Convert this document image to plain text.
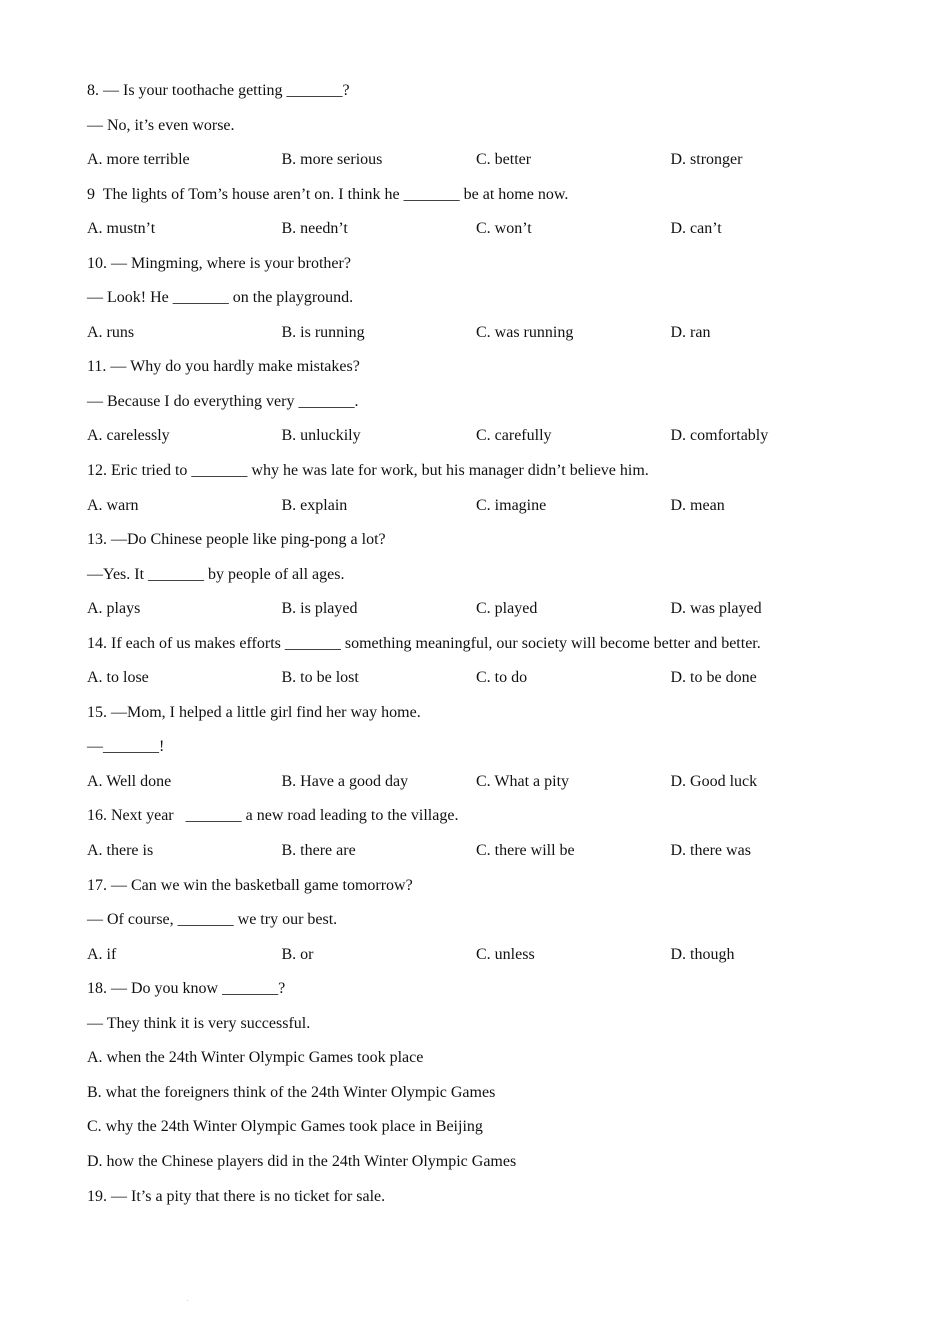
8. — Is your toothache getting _______?
— No, it’s even worse.
A. more terrible	B. more serious	C. better	D. stronger
9  The lights of Tom’s house aren’t on. I think he _______ be at home now.
A. mustn’t	B. needn’t	C. won’t	D. can’t
10. — Mingming, where is your brother?
— Look! He _______ on the playground.
A. runs	B. is running	C. was running	D. ran
11. — Why do you hardly make mistakes?
— Because I do everything very _______.
A. carelessly	B. unluckily	C. carefully	D. comfortably
12. Eric tried to _______ why he was late for work, but his manager didn’t believe him.
A. warn	B. explain	C. imagine	D. mean
13. —Do Chinese people like ping-pong a lot?
—Yes. It _______ by people of all ages.
A. plays	B. is played	C. played	D. was played
14. If each of us makes efforts _______ something meaningful, our society will become better and better.
A. to lose	B. to be lost	C. to do	D. to be done
15. —Mom, I helped a little girl find her way home.
—_______!
A. Well done	B. Have a good day	C. What a pity	D. Good luck
16. Next year   _______ a new road leading to the village.
A. there is	B. there are	C. there will be	D. there was
17. — Can we win the basketball game tomorrow?
— Of course, _______ we try our best.
A. if	B. or	C. unless	D. though
18. — Do you know _______?
— They think it is very successful.
A. when the 24th Winter Olympic Games took place
B. what the foreigners think of the 24th Winter Olympic Games
C. why the 24th Winter Olympic Games took place in Beijing
D. how the Chinese players did in the 24th Winter Olympic Games
19. — It’s a pity that there is no ticket for sale.
